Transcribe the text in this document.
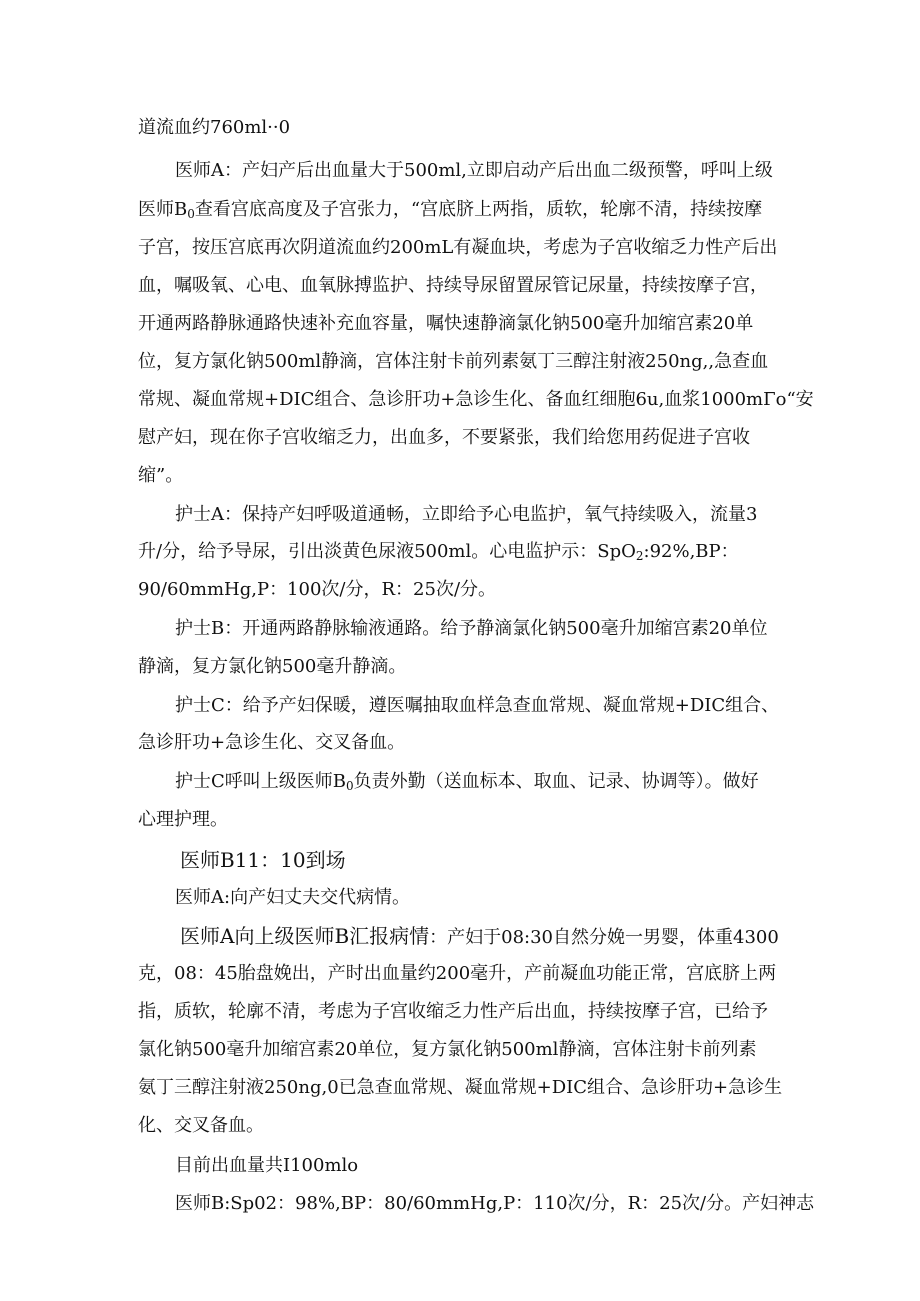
道流血约760ml··0
医师A：产妇产后出血量大于500ml,立即启动产后出血二级预警，呼叫上级
医师$B_0$查看宫底高度及子宫张力，“宫底脐上两指，质软，轮廓不清，持续按摩
子宫，按压宫底再次阴道流血约200mL有凝血块，考虑为子宫收缩乏力性产后出
血，嘱吸氧、心电、血氧脉搏监护、持续导尿留置尿管记尿量，持续按摩子宫，
开通两路静脉通路快速补充血容量，嘱快速静滴氯化钠500毫升加缩宫素20单
位，复方氯化钠500ml静滴，宫体注射卡前列素氨丁三醇注射液250ng,,急查血
常规、凝血常规+DIC组合、急诊肝功+急诊生化、备血红细胞6u,血浆1000mΓo“安
慰产妇，现在你子宫收缩乏力，出血多，不要紧张，我们给您用药促进子宫收
缩”。
护士A：保持产妇呼吸道通畅，立即给予心电监护，氧气持续吸入，流量3
升/分，给予导尿，引出淡黄色尿液500ml。心电监护示：SpO$_2$:92%,BP：
90/60mmHg,P：100次/分，R：25次/分。
护士B：开通两路静脉输液通路。给予静滴氯化钠500毫升加缩宫素20单位
静滴，复方氯化钠500毫升静滴。
护士C：给予产妇保暖，遵医嘱抽取血样急查血常规、凝血常规+DIC组合、
急诊肝功+急诊生化、交叉备血。
护士C呼叫上级医师$B_0$负责外勤（送血标本、取血、记录、协调等）。做好
心理护理。
医师B11：10到场
医师A:向产妇丈夫交代病情。
医师A向上级医师B汇报病情：产妇于08:30自然分娩一男婴，体重4300
克，08：45胎盘娩出，产时出血量约200毫升，产前凝血功能正常，宫底脐上两
指，质软，轮廓不清，考虑为子宫收缩乏力性产后出血，持续按摩子宫，已给予
氯化钠500毫升加缩宫素20单位，复方氯化钠500ml静滴，宫体注射卡前列素
氨丁三醇注射液250ng,0已急查血常规、凝血常规+DIC组合、急诊肝功+急诊生
化、交叉备血。
目前出血量共I100mlo
医师B:Sp02：98%,BP：80/60mmHg,P：110次/分，R：25次/分。产妇神志
